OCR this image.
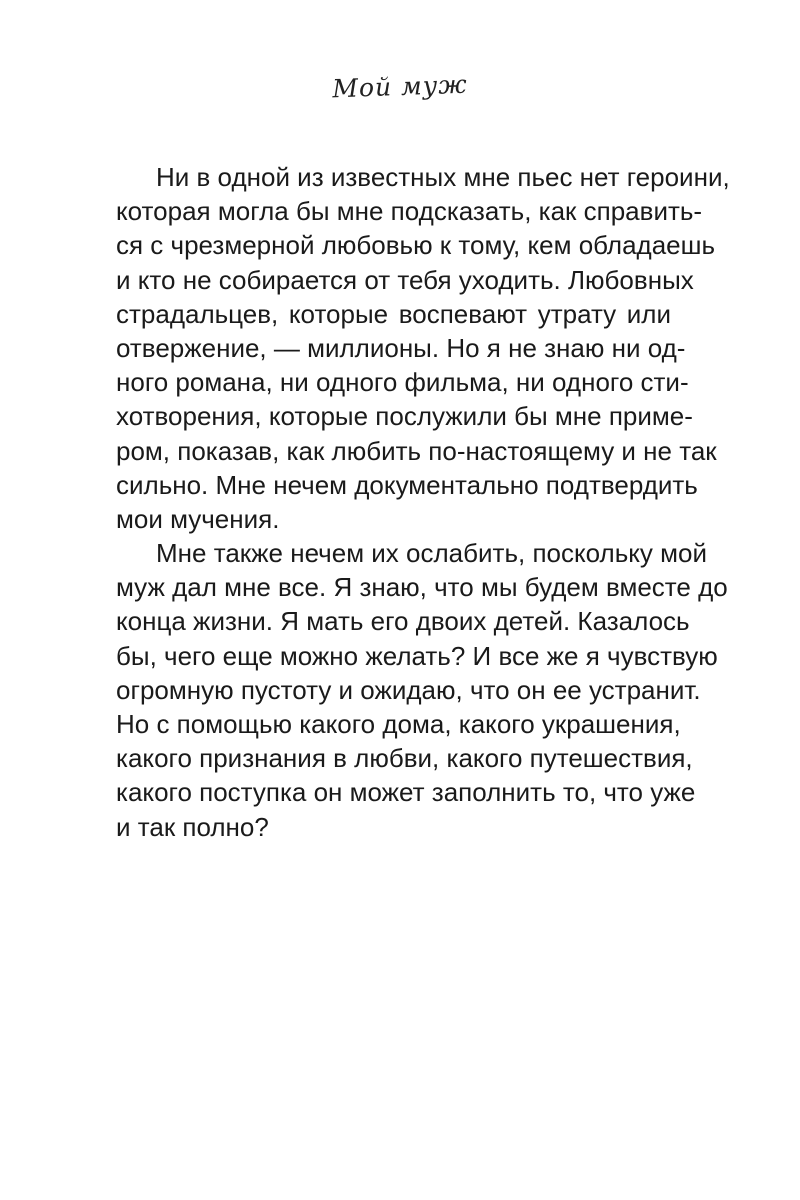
Мой муж
Ни в одной из известных мне пьес нет героини,
которая могла бы мне подсказать, как справить-
ся с чрезмерной любовью к тому, кем обладаешь
и кто не собирается от тебя уходить. Любовных
страдальцев, которые воспевают утрату или
отвержение, — миллионы. Но я не знаю ни од-
ного романа, ни одного фильма, ни одного сти-
хотворения, которые послужили бы мне приме-
ром, показав, как любить по-настоящему и не так
сильно. Мне нечем документально подтвердить
мои мучения.
Мне также нечем их ослабить, поскольку мой
муж дал мне все. Я знаю, что мы будем вместе до
конца жизни. Я мать его двоих детей. Казалось
бы, чего еще можно желать? И все же я чувствую
огромную пустоту и ожидаю, что он ее устранит.
Но с помощью какого дома, какого украшения,
какого признания в любви, какого путешествия,
какого поступка он может заполнить то, что уже
и так полно?
